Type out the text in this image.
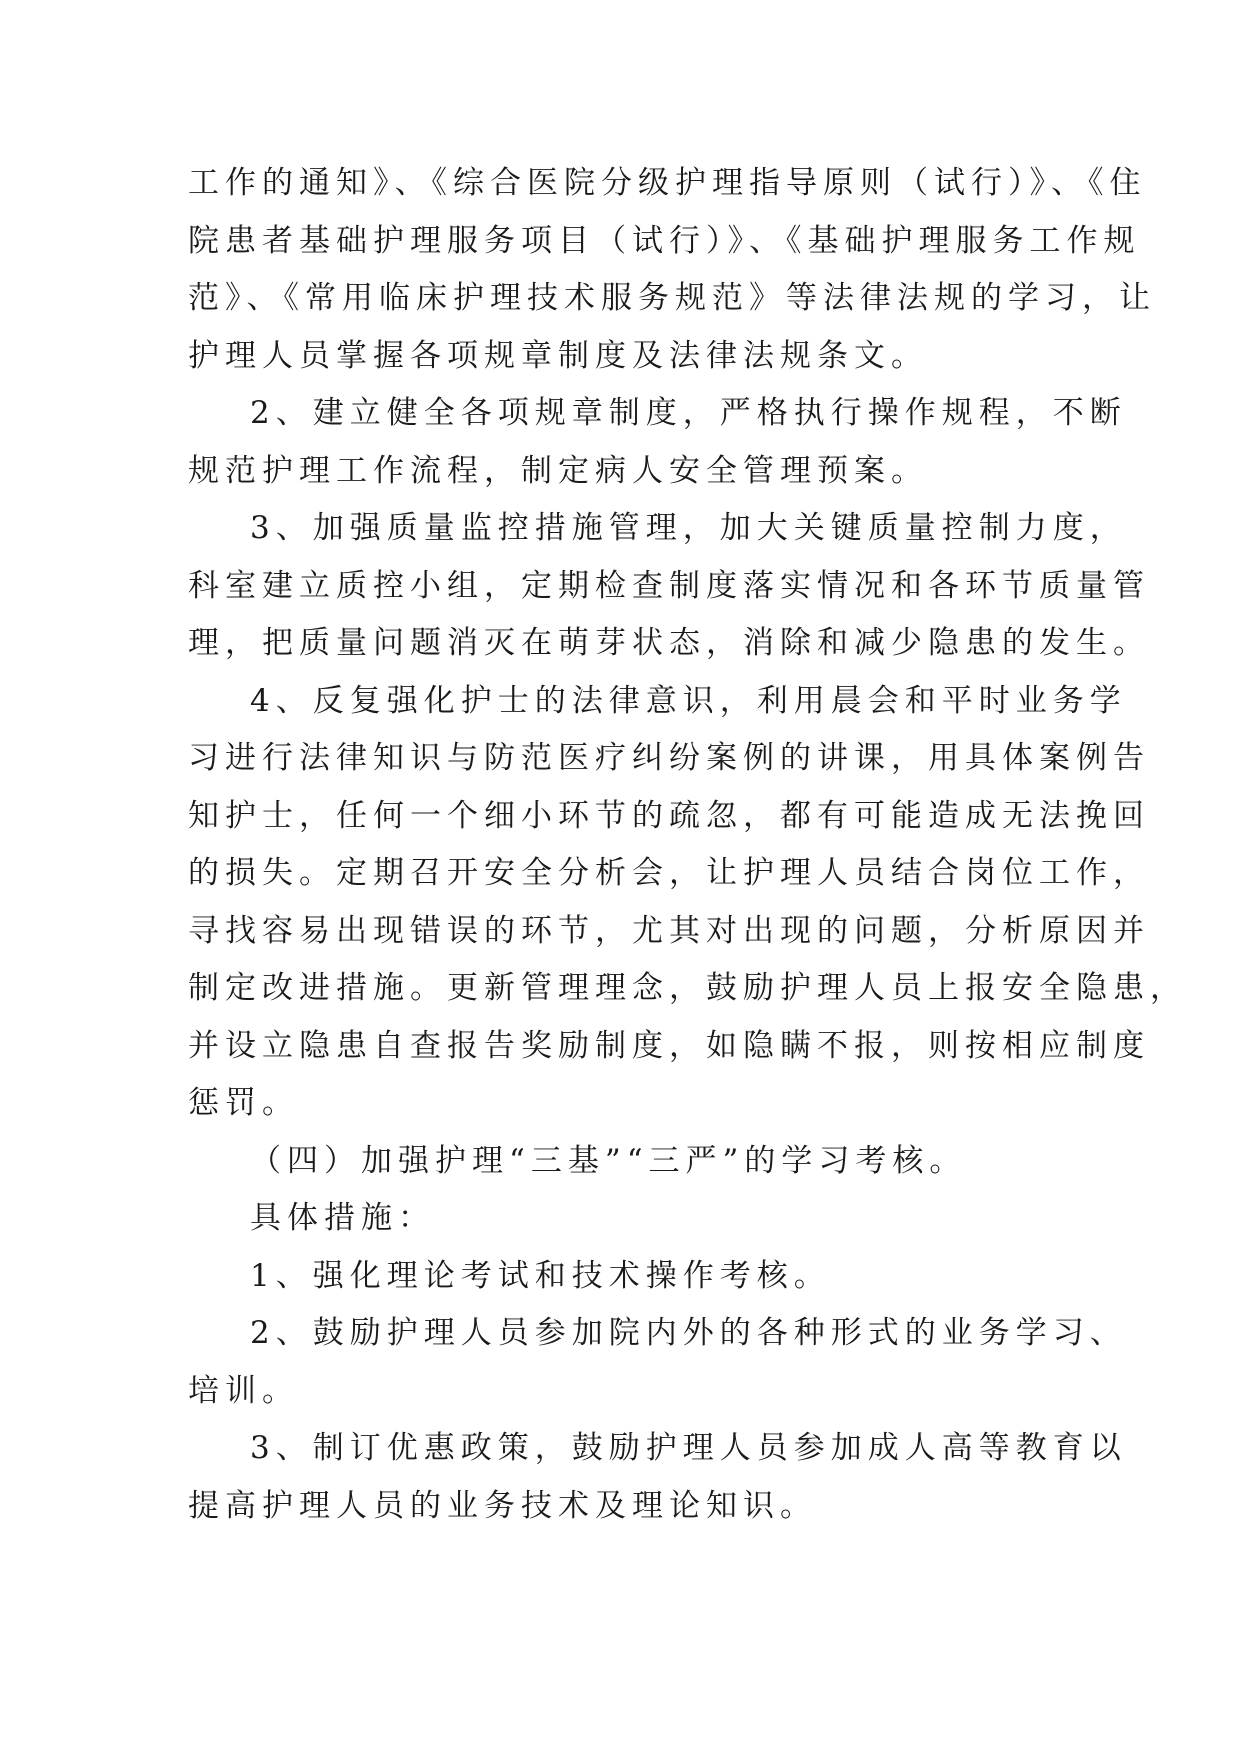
工作的通知》、《综合医院分级护理指导原则（试行）》、《住
院患者基础护理服务项目（试行）》、《基础护理服务工作规
范》、《常用临床护理技术服务规范》等法律法规的学习，让
护理人员掌握各项规章制度及法律法规条文。
2、建立健全各项规章制度，严格执行操作规程，不断
规范护理工作流程，制定病人安全管理预案。
3、加强质量监控措施管理，加大关键质量控制力度，
科室建立质控小组，定期检查制度落实情况和各环节质量管
理，把质量问题消灭在萌芽状态，消除和减少隐患的发生。
4、反复强化护士的法律意识，利用晨会和平时业务学
习进行法律知识与防范医疗纠纷案例的讲课，用具体案例告
知护士，任何一个细小环节的疏忽，都有可能造成无法挽回
的损失。定期召开安全分析会，让护理人员结合岗位工作，
寻找容易出现错误的环节，尤其对出现的问题，分析原因并
制定改进措施。更新管理理念，鼓励护理人员上报安全隐患，
并设立隐患自查报告奖励制度，如隐瞒不报，则按相应制度
惩罚。
（四）加强护理“三基”“三严”的学习考核。
具体措施：
1、强化理论考试和技术操作考核。
2、鼓励护理人员参加院内外的各种形式的业务学习、
培训。
3、制订优惠政策，鼓励护理人员参加成人高等教育以
提高护理人员的业务技术及理论知识。
